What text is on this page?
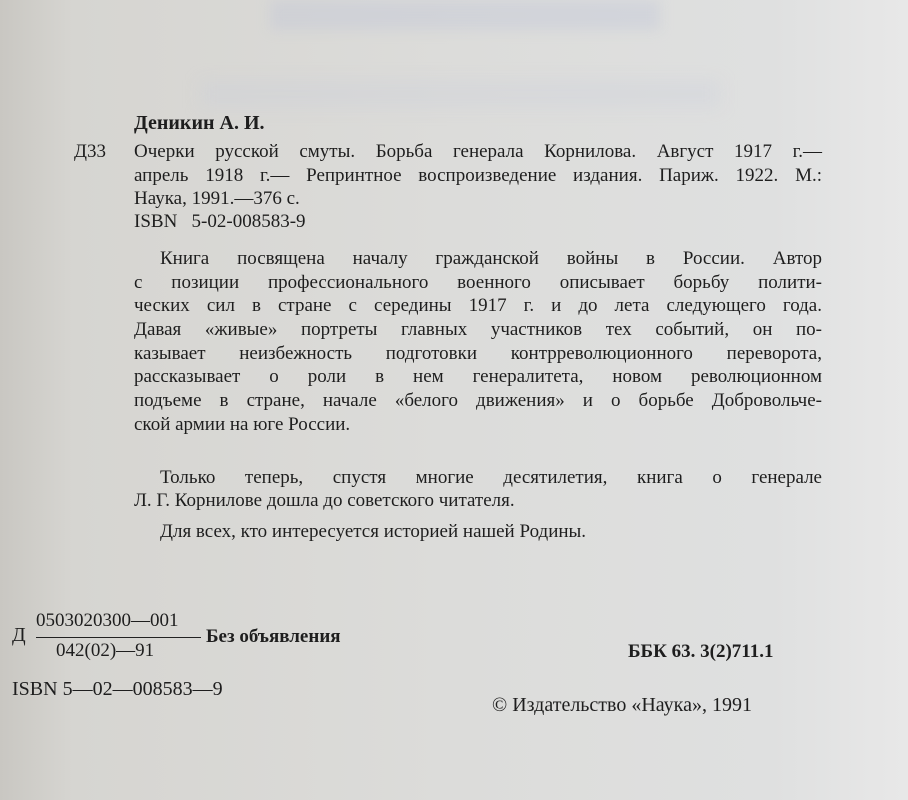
Деникин А. И.
Д33 Очерки русской смуты. Борьба генерала Корнилова. Август 1917 г.—
апрель 1918 г.— Репринтное воспроизведение издания. Париж. 1922. М.:
Наука, 1991.—376 с.
ISBN   5-02-008583-9
Книга посвящена началу гражданской войны в России. Автор
с позиции профессионального военного описывает борьбу полити-
ческих сил в стране с середины 1917 г. и до лета следующего года.
Давая «живые» портреты главных участников тех событий, он по-
казывает неизбежность подготовки контрреволюционного переворота,
рассказывает о роли в нем генералитета, новом революционном
подъеме в стране, начале «белого движения» и о борьбе Добровольче-
ской армии на юге России.
Только теперь, спустя многие десятилетия, книга о генерале
Л. Г. Корнилове дошла до советского читателя.
Для всех, кто интересуется историей нашей Родины.
Д
0503020300—001
042(02)—91
Без объявления
ББК 63. 3(2)711.1
ISBN 5—02—008583—9
© Издательство «Наука», 1991
